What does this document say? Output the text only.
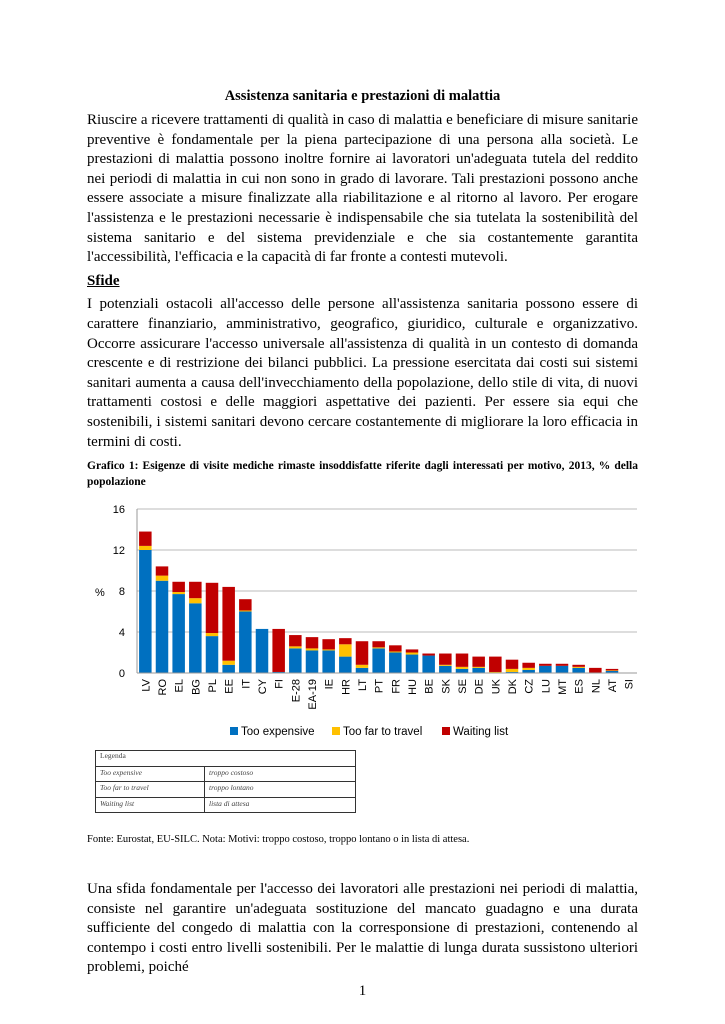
Assistenza sanitaria e prestazioni di malattia

Riuscire a ricevere trattamenti di qualità in caso di malattia e beneficiare di misure sanitarie preventive è fondamentale per la piena partecipazione di una persona alla società. Le prestazioni di malattia possono inoltre fornire ai lavoratori un'adeguata tutela del reddito nei periodi di malattia in cui non sono in grado di lavorare. Tali prestazioni possono anche essere associate a misure finalizzate alla riabilitazione e al ritorno al lavoro. Per erogare l'assistenza e le prestazioni necessarie è indispensabile che sia tutelata la sostenibilità del sistema sanitario e del sistema previdenziale e che sia costantemente garantita l'accessibilità, l'efficacia e la capacità di far fronte a contesti mutevoli.

Sfide

I potenziali ostacoli all'accesso delle persone all'assistenza sanitaria possono essere di carattere finanziario, amministrativo, geografico, giuridico, culturale e organizzativo. Occorre assicurare l'accesso universale all'assistenza di qualità in un contesto di domanda crescente e di restrizione dei bilanci pubblici. La pressione esercitata dai costi sui sistemi sanitari aumenta a causa dell'invecchiamento della popolazione, dello stile di vita, di nuovi trattamenti costosi e delle maggiori aspettative dei pazienti. Per essere sia equi che sostenibili, i sistemi sanitari devono cercare costantemente di migliorare la loro efficacia in termini di costi.

Grafico 1: Esigenze di visite mediche rimaste insoddisfatte riferite dagli interessati per motivo, 2013, % della popolazione
0
4
8
12
16
%
LV RO EL BG PL EE IT CY FI E-28 EA-19 IE HR LT PT FR HU BE SK SE DE UK DK CZ LU MT ES NL AT SI
Too expensive Too far to travel	Waiting list
Legenda
Too expensive	troppo costoso
Too far to travel	troppo lontano
Waiting list	lista di attesa
Fonte: Eurostat, EU-SILC. Nota: Motivi: troppo costoso, troppo lontano o in lista di attesa.

Una sfida fondamentale per l'accesso dei lavoratori alle prestazioni nei periodi di malattia, consiste nel garantire un'adeguata sostituzione del mancato guadagno e una durata sufficiente del congedo di malattia con la corresponsione di prestazioni, contenendo al contempo i costi entro livelli sostenibili. Per le malattie di lunga durata sussistono ulteriori problemi, poiché

1
